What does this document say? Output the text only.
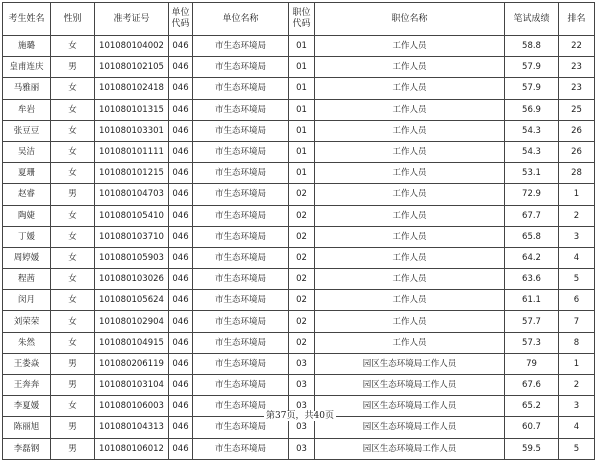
考生姓名	性别	准考证号	单位代码	单位名称	职位代码	职位名称	笔试成绩	排名
施璐	女	101080104002	046	市生态环境局	01	工作人员	58.8	22
皇甫连庆	男	101080102105	046	市生态环境局	01	工作人员	57.9	23
马雅丽	女	101080102418	046	市生态环境局	01	工作人员	57.9	23
牟岩	女	101080101315	046	市生态环境局	01	工作人员	56.9	25
张豆豆	女	101080103301	046	市生态环境局	01	工作人员	54.3	26
吴洁	女	101080101111	046	市生态环境局	01	工作人员	54.3	26
夏珊	女	101080101215	046	市生态环境局	01	工作人员	53.1	28
赵睿	男	101080104703	046	市生态环境局	02	工作人员	72.9	1
陶婕	女	101080105410	046	市生态环境局	02	工作人员	67.7	2
丁媛	女	101080103710	046	市生态环境局	02	工作人员	65.8	3
周婷媛	女	101080105903	046	市生态环境局	02	工作人员	64.2	4
程茜	女	101080103026	046	市生态环境局	02	工作人员	63.6	5
闵月	女	101080105624	046	市生态环境局	02	工作人员	61.1	6
刘荣荣	女	101080102904	046	市生态环境局	02	工作人员	57.7	7
朱然	女	101080104915	046	市生态环境局	02	工作人员	57.3	8
王娄焱	男	101080206119	046	市生态环境局	03	园区生态环境局工作人员	79	1
王奔奔	男	101080103104	046	市生态环境局	03	园区生态环境局工作人员	67.6	2
李夏媛	女	101080106003	046	市生态环境局	03	园区生态环境局工作人员	65.2	3
陈丽旭	男	101080104313	046	市生态环境局	03	园区生态环境局工作人员	60.7	4
李磊钢	男	101080106012	046	市生态环境局	03	园区生态环境局工作人员	59.5	5
第37页，共40页
